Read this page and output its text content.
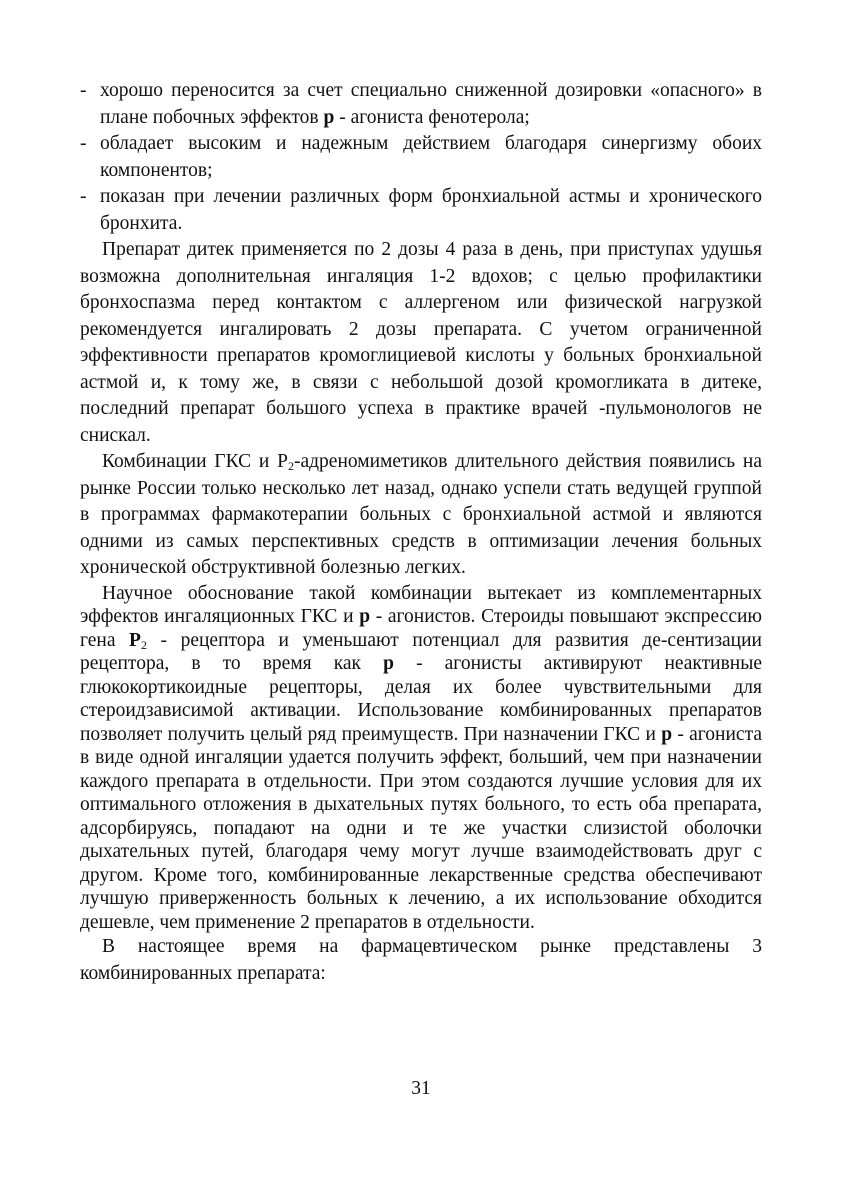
- хорошо переносится за счет специально сниженной дозировки «опасного» в плане побочных эффектов р - агониста фенотерола;
- обладает высоким и надежным действием благодаря синергизму обоих компонентов;
- показан при лечении различных форм бронхиальной астмы и хронического бронхита.

Препарат дитек применяется по 2 дозы 4 раза в день, при приступах удушья возможна дополнительная ингаляция 1-2 вдохов; с целью профилактики бронхоспазма перед контактом с аллергеном или физической нагрузкой рекомендуется ингалировать 2 дозы препарата. С учетом ограниченной эффективности препаратов кромоглициевой кислоты у больных бронхиальной астмой и, к тому же, в связи с небольшой дозой кромогликата в дитеке, последний препарат большого успеха в практике врачей -пульмонологов не снискал.

Комбинации ГКС и $Р_2$-адреномиметиков длительного действия появились на рынке России только несколько лет назад, однако успели стать ведущей группой в программах фармакотерапии больных с бронхиальной астмой и являются одними из самых перспективных средств в оптимизации лечения больных хронической обструктивной болезнью легких.

Научное обоснование такой комбинации вытекает из комплементарных эффектов ингаляционных ГКС и р - агонистов. Стероиды повышают экспрессию гена $Р_2$ - рецептора и уменьшают потенциал для развития де-сентизации рецептора, в то время как р - агонисты активируют неактивные глюкокортикоидные рецепторы, делая их более чувствительными для стероидзависимой активации. Использование комбинированных препаратов позволяет получить целый ряд преимуществ. При назначении ГКС и р - агониста в виде одной ингаляции удается получить эффект, больший, чем при назначении каждого препарата в отдельности. При этом создаются лучшие условия для их оптимального отложения в дыхательных путях больного, то есть оба препарата, адсорбируясь, попадают на одни и те же участки слизистой оболочки дыхательных путей, благодаря чему могут лучше взаимодействовать друг с другом. Кроме того, комбинированные лекарственные средства обеспечивают лучшую приверженность больных к лечению, а их использование обходится дешевле, чем применение 2 препаратов в отдельности.

В настоящее время на фармацевтическом рынке представлены 3 комбинированных препарата:

31
